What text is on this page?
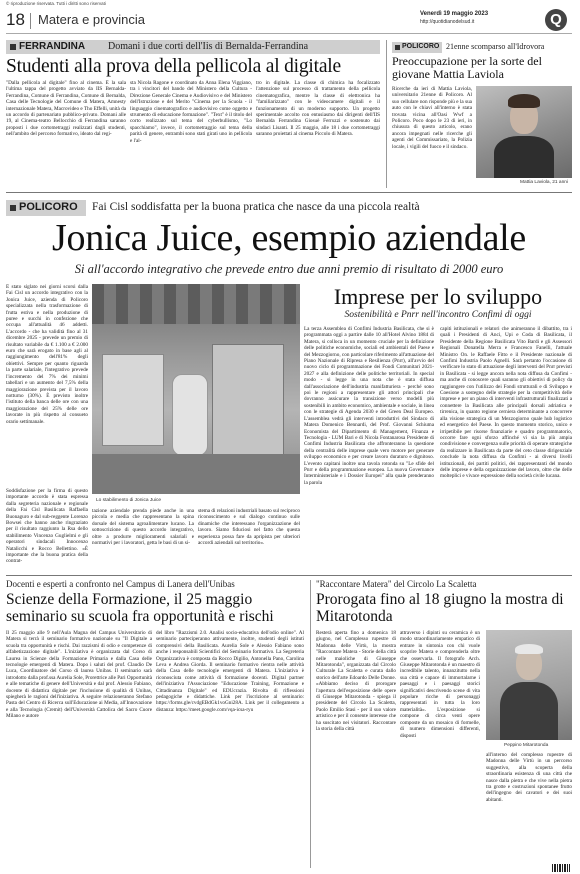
© riproduzione riservata. Tutti i diritti sono riservati
18 Matera e provincia	Venerdì 19 maggio 2023
http://quotidianodelsud.it	Q
FERRANDINA Domani i due corti dell'Iis di Bernalda-Ferrandina
Studenti alla prova della pellicola al digitale
"Dalla pellicola al digitale" fino al cinema. È la sala l'ultima tappa del progetto avviato da IIS Bernalda-Ferrandina, Comune di Ferrandina, Comune di Bernalda, Casa delle Tecnologie del Comune di Matera, Amnesty internazionale Matera, Macrovideo e Tho Effelli, unità da un accordo di partenariato pubblico-privato. Domani alle 19, al Cinema-teatro Bellocchio di Ferrandina saranno proposti i due cortometraggi realizzati dagli studenti, nell'ambito del percorso formativo, ideato dal regi-
sta Nicola Ragone e coordinato da Anna Elena Viggiano, tra i vincitori del bando del Ministero della Cultura - Direzione Generale Cinema e Audiovisivo e del Ministero dell'Istruzione e del Merito "Cinema per la Scuola - il linguaggio cinematografico e audiovisivo come oggetto e strumento di educazione formazione". "Text" è il titolo del corto realizzato sul tema del cyberbullismo, "Lo spacchiamo", invece, il cortometraggio sul tema della parità di genere, entrambi sono stati girati uno in pellicola e l'al-
tro in digitale. La classe di chimica ha focalizzato l'attenzione sul processo di trattamento della pellicola cinematografica, mentre la classe di elettronica ha "familiarizzato" con le videocamere digitali e il funzionamento di un moderno supporto. Un progetto sperimentale accolto con entusiasmo dai dirigenti dell'IIS Bernalda Ferrandina Giosuè Ferruzzi e sostenuto dai sindaci Lisanti. Il 25 maggio, alle 18 i due cortometraggi saranno proiettati al cinema Piccolo di Matera.
POLICORO 21enne scomparso all'Idrovora
Preoccupazione per la sorte del giovane Mattia Laviola
Ricerche da ieri di Mattia Laviola, universitario 21enne di Policoro. Al suo cellulare non risponde più e la sua auto con le chiavi all'interno è stata trovata vicina all'Oasi Wwf a Policoro. Poco dopo le 23 di ieri, in chiusura di questo articolo, erano ancora impegnati nelle ricerche gli agenti del Commissariato, la Polizia locale, i vigili del fuoco e il sindaco.
Mattia Laviola, 21 anni
POLICORO Fai Cisl soddisfatta per la buona pratica che nasce da una piccola realtà
Jonica Juice, esempio aziendale
Si all'accordo integrativo che prevede entro due anni premio di risultato di 2000 euro
È stato siglato nei giorni scorsi dalla Fai Cisl un accordo integrativo con la Jonica Juice, azienda di Policoro specializzata nella trasformazione di frutta estiva e nella produzione di puree e succhi in confezione che occupa all'attualità 46 addetti. L'accordo - che ha validità fino al 31 dicembre 2025 - prevede un premio di risultato variabile da € 1.100 a € 2.000 euro che sarà erogato in base agli al raggiungimento dell'81% degli obiettivi. Sempre per quanto riguarda la parte salariale, l'integrativo prevede l'incremento del 7% dei minimi tabellari e un aumento del 7,5% della maggiorazione prevista per il lavoro notturno (30%). È previsto inoltre l'istituto della banca delle ore con una maggiorazione del 25% delle ore lavorate in più rispetto al consueto orario settimanale.
Soddisfazione per la firma di questo importante accordo è stata espressa dalla segreteria nazionale e regionale della Fai Cisl Basilicata Raffaella Buonaguro e dal sub-reggente Lorenzo Bowsei che hanno anche ringraziato per il risultato raggiunto la Rsa dello stabilimento Vincenzo Guglielmi e gli operatori sindacali Innocenzo Natalicchi e Rocco Bellettino. «È importante che la buona pratica della contrat-
Lo stabilimento di Jonica Juice
tazione aziendale prenda piede anche in una piccola e media che rappresentano la spina dorsale del sistema agroalimentare lucano. La sottoscrizione di questo accordo integrativo, oltre a produrre miglioramenti salariali e normativi per i lavoratori, getta le basi di un si-
stema di relazioni industriali basato sul reciproco riconoscimento e sul dialogo continuo sulle dinamiche che interessano l'organizzazione del lavoro. Siamo fiduciosi nel fatto che questa esperienza possa fare da apripista per ulteriori accordi aziendali sul territorio».
Imprese per lo sviluppo
Sostenibilità e Pnrr nell'incontro Confimi di oggi
La terza Assemblea di Confimi Industria Basilicata, che si è programmata oggi a partire dalle 10 all'Hotel Alvino 1884 di Matera, si colloca in un momento cruciale per la definizione delle politiche economiche, sociali ed ambientali del Paese e del Mezzogiorno, con particolare riferimento all'attuazione del Piano Nazionale di Ripresa e Resilienza (Pnrr), all'avvio del nuovo ciclo di programmazione dei Fondi Comunitari 2021-2027 e alla definizione delle politiche territoriali. In special modo - si legge in una nota che è stata diffusa dall'associazione dell'industria manifatturiera - perché sono poi le regioni a rappresentare gli attori principali che dovranno assicurare la transizione verso modelli più sostenibili in ambito economico, ambientale e sociale, in linea con le strategie di Agenda 2030 e del Green Deal Europeo. L'assemblea vedrà gli interventi introduttivi del Sindaco di Matera Domenico Bennardi, del Prof. Giovanni Schiuma Economista del Dipartimento di Management, Finanza e Tecnologia - LUM Bari e di Nicola Fontanarosa Presidente di Confimi Industria Basilicata che affronteranno la questione della centralità delle imprese quale vero motore per generare sviluppo economico e per creare lavoro duraturo e dignitoso. L'evento capitani inoltre una tavola rotonda su "Le sfide del Pnrr e della programmazione europea. La nuova Governance Interministeriale e i Dossier Europei" alla quale prenderanno la parola
capiti istituzionali e relatori che animeranno il dibattito, tra i quali i Presidenti di Anci, Upi e Coda di Basilicata, il Presidente della Regione Basilicata Vito Bardi e gli Assessori Regionali Donatella Merra e Francesco Fanelli, l'attuale Ministro On. le Raffaele Fitto e il Presidente nazionale di Confimi Industria Paolo Agnelli. Sarà pertanto l'occasione di verificare lo stato di attuazione degli interventi del Pnrr previsti in Basilicata - si legge ancora nella nota diffusa da Confimi - ma anche di conoscere quali saranno gli obiettivi di policy da raggiungere con l'utilizzo dei Fondi strutturali e di Sviluppo e Coesione a sostegno delle strategie per la competitività delle imprese e per un piano di interventi infrastrutturali finalizzati a connettere la Basilicata alle principali dorsali adriatica e tirrenica, in quanto regione cerniera determinante a concorrere alla visione strategica di un Mezzogiorno quale hub logistico ed energetico del Paese. In questo momento storico, unico e irripetibile per risorse finanziarie e quadro programmatorio, occorre fare ogni sforzo affinché vi sia la più ampia condivisione e convergenza sulle priorità di operare strategiche da realizzare in Basilicata da parte del ceto classe dirigenziale conclude la nota diffusa da Confimi - ai diversi livelli istituzionali, dei partiti politici, dei rappresentanti del mondo delle imprese e della organizzazione del lavoro, oltre che delle molteplici e vivace espressione della società civile lucana.
Docenti e esperti a confronto nel Campus di Lanera dell'Unibas
Scienze della Formazione, il 25 maggio seminario su scuola fra opportunità e rischi
Il 25 maggio alle 9 nell'Aula Magna del Campus Universitario di Matera si terrà il seminario formativo nazionale su "Il Digitale a scuola tra opportunità e rischi. Dai razzismi di odio e competenze di alfabetizzazione digitale". L'iniziativa è organizzata dal Corso di Laurea in Scienze della Formazione Primaria e dalla Casa delle tecnologie emergenti di Matera. Dopo i saluti del prof. Claudio De Luca, Coordinatore del Corso di laurea Unibas. Il seminario sarà introdotto dalla prof.ssa Aurelia Sole, Prorettrice alle Pari Opportunità e alle tematiche di genere dell'Università e dal prof. Alessio Fabiano, docente di didattica digitale per l'inclusione di qualità di Unibas, spiegherà le ragioni dell'iniziativa. A seguire relazioneranno Stefano Pasta del Centro di Ricerca sull'Educazione ai Media, all'Innovazione e alla Tecnologia (Cremit) dell'Università Cattolica del Sacro Cuore Milano e autore
del libro "Razzismi 2.0. Analisi socio-educativa dell'odio online". Al seminario parteciperanno attivamente, inoltre, studenti degli istituti comprensivi della Basilicata. Aurelia Sole e Alessio Fabiano sono anche i responsabili Scientifici del Seminario formativo. La Segreteria Organizzativa è composta da Rocco Digilio, Antonella Pano, Carolina Leva e Andrea Giorda. Il seminario formativo rientra nelle attività della Casa delle tecnologie emergenti di Matera. L'iniziativa è riconosciuta come attività di formazione docenti. Digital partner dell'iniziativa l'Associazione "Educazione Training, Formazione e Cittadinanza Digitale" ed EDUcrazia. Rivolta di riflessioni pedagogiche e didattiche. Link per l'iscrizione al seminario: https://forms.gle/cvdgEBdGk1voGni28A. Link per il collegamento a distanza: https://meet.google.com/vqa-icsa-ryu
"Raccontare Matera" del Circolo La Scaletta
Prorogata fino al 18 giugno la mostra di Mitarotonda
Resterà aperta fino a domenica 18 giugno, nel Complesso rupestre di Madonna delle Virtù, la mostra "Raccontare Matera - Storie della città nelle maioliche di Giuseppe Mitarotonda", organizzata dal Circolo Culturale La Scaletta e curata dallo storico dell'arte Edoardo Delle Donne. «Abbiamo deciso di prorogare l'apertura dell'esposizione delle opere di Giuseppe Mitarotonda - spiega il presidente del Circolo La Scaletta, Paolo Emilio Stasi - per il suo valore artistico e per il consente interesse che ha suscitato nei visitatori. Raccontare la storia della città
attraverso i dipinti su ceramica è un modo straordinariamente empatico di entrare in sintonia con chi vuole scoprire Matera e comprenderla oltre che osservarla. Il fotografo Arch. Giuseppe Mitarotonda è un maestro di incredibile talento, innanzitutto nella sua città e capace di immortalarne i paesaggi e i paesaggi storici significativi descrivendo scene di vita popolare ricche di personaggi rappresentati in tutta la loro materialità». L'esposizione si compone di circa venti opere composte da un mosaico di formelle, di numero dimensioni differenti, disposti
Peppino Mitarotonda
all'interno del complesso rupestre di Madonna delle Virtù in un percorso suggestivo, alla scoperta della straordinaria esistenza di una città che nasce dalla pietra e che vive nella pietra tra grotte e costruzioni spontanee frutto dell'ingegno dei cavatori e dei suoi abitanti.
